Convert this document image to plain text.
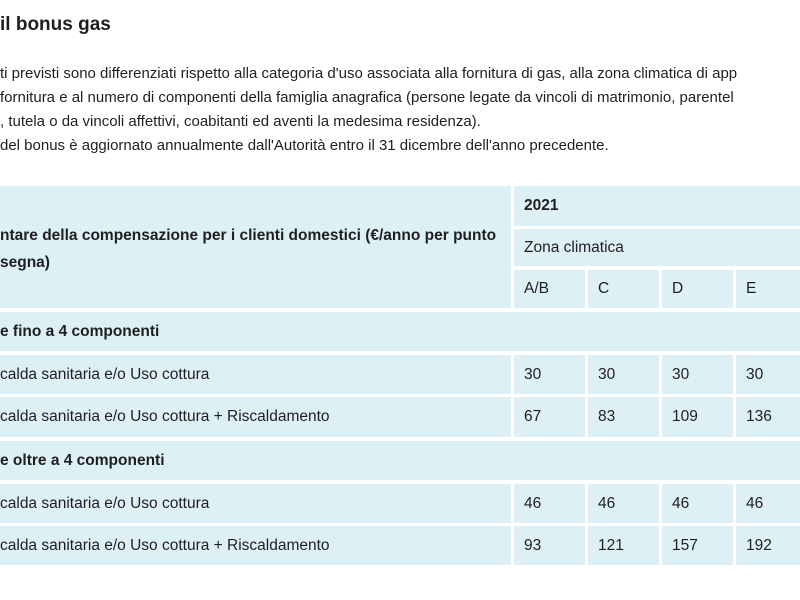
il bonus gas

ti previsti sono differenziati rispetto alla categoria d'uso associata alla fornitura di gas, alla zona climatica di app
fornitura e al numero di componenti della famiglia anagrafica (persone legate da vincoli di matrimonio, parentel
, tutela o da vincoli affettivi, coabitanti ed aventi la medesima residenza).
del bonus è aggiornato annualmente dall'Autorità entro il 31 dicembre dell'anno precedente.

ntare della compensazione per i clienti domestici (€/anno per punto
segna)
2021
Zona climatica
A/B	C	D	E
e fino a 4 componenti
calda sanitaria e/o Uso cottura	30	30	30	30
calda sanitaria e/o Uso cottura + Riscaldamento	67	83	109	136
e oltre a 4 componenti
calda sanitaria e/o Uso cottura	46	46	46	46
calda sanitaria e/o Uso cottura + Riscaldamento	93	121	157	192
